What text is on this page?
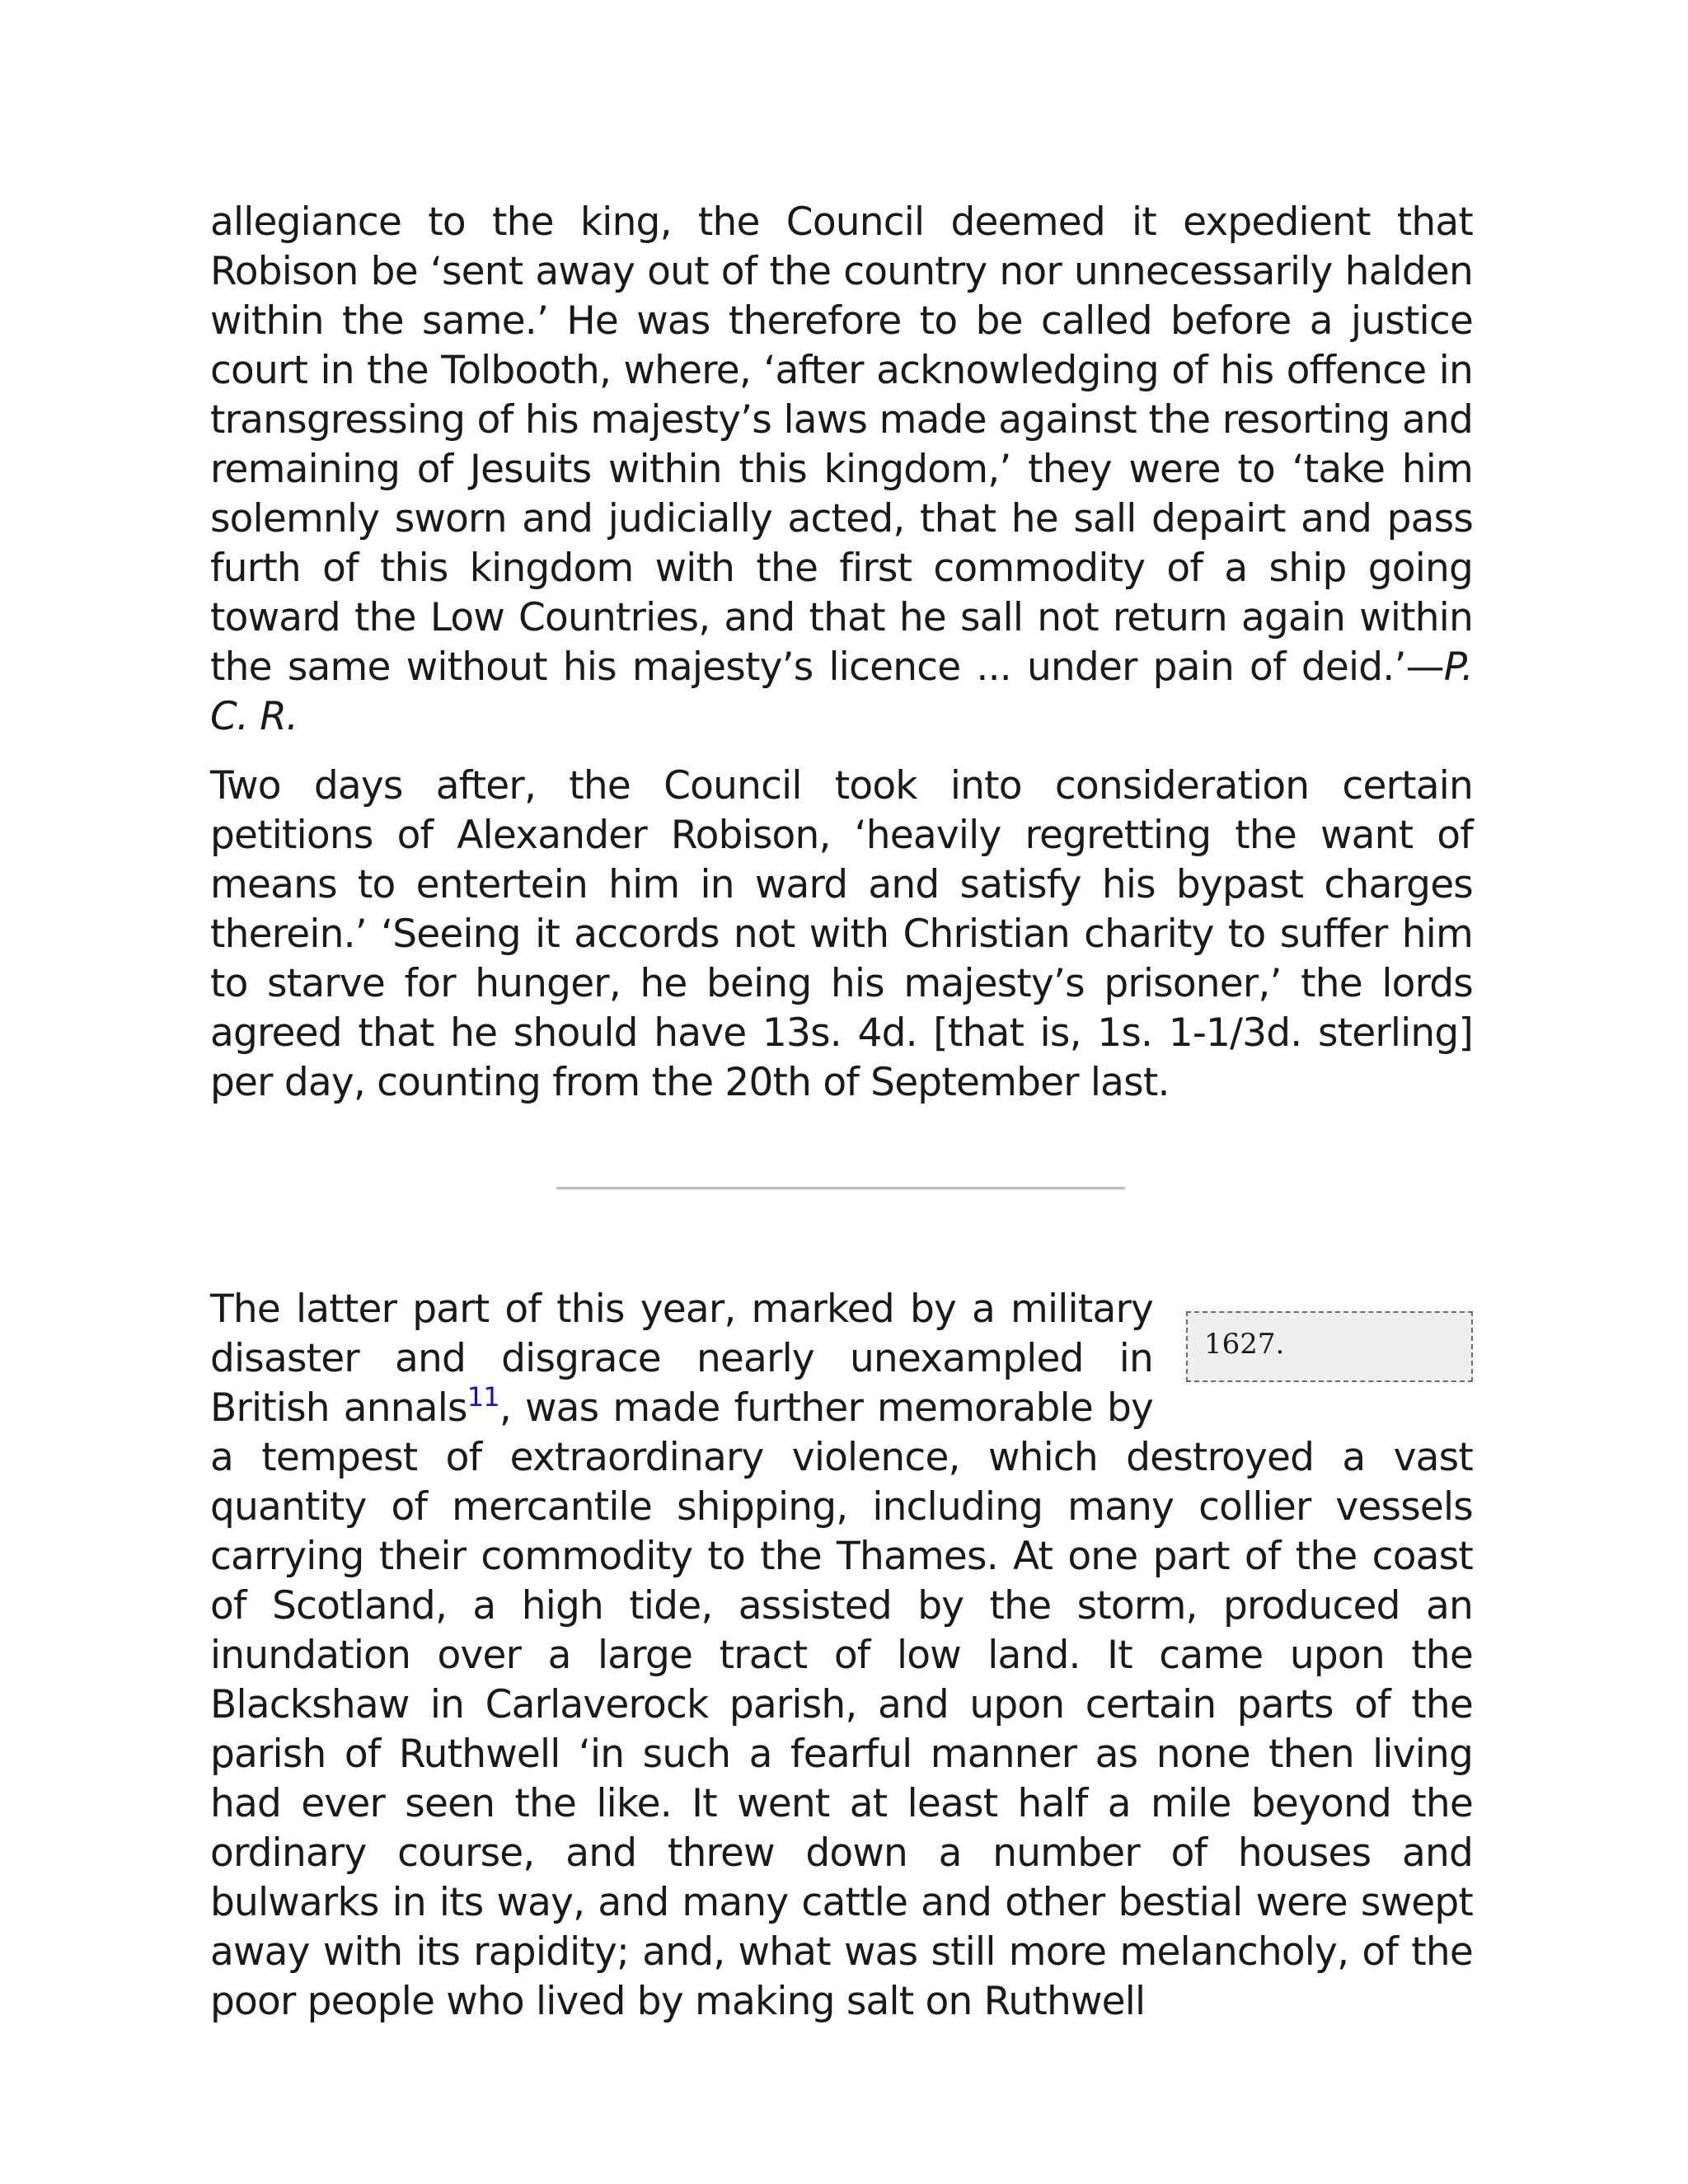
allegiance to the king, the Council deemed it expedient that Robison be ‘sent away out of the country nor unnecessarily halden within the same.’ He was therefore to be called before a justice court in the Tolbooth, where, ‘after acknowledging of his offence in transgressing of his majesty’s laws made against the resorting and remaining of Jesuits within this kingdom,’ they were to ‘take him solemnly sworn and judicially acted, that he sall depairt and pass furth of this kingdom with the first commodity of a ship going toward the Low Countries, and that he sall not return again within the same without his majesty’s licence ... under pain of deid.’—P. C. R.

Two days after, the Council took into consideration certain petitions of Alexander Robison, ‘heavily regretting the want of means to entertein him in ward and satisfy his bypast charges therein.’ ‘Seeing it accords not with Christian charity to suffer him to starve for hunger, he being his majesty’s prisoner,’ the lords agreed that he should have 13s. 4d. [that is, 1s. 1-1/3d. sterling] per day, counting from the 20th of September last.

1627.

The latter part of this year, marked by a military disaster and disgrace nearly unexampled in British annals$^{11}$, was made further memorable by a tempest of extraordinary violence, which destroyed a vast quantity of mercantile shipping, including many collier vessels carrying their commodity to the Thames. At one part of the coast of Scotland, a high tide, assisted by the storm, produced an inundation over a large tract of low land. It came upon the Blackshaw in Carlaverock parish, and upon certain parts of the parish of Ruthwell ‘in such a fearful manner as none then living had ever seen the like. It went at least half a mile beyond the ordinary course, and threw down a number of houses and bulwarks in its way, and many cattle and other bestial were swept away with its rapidity; and, what was still more melancholy, of the poor people who lived by making salt on Ruthwell
